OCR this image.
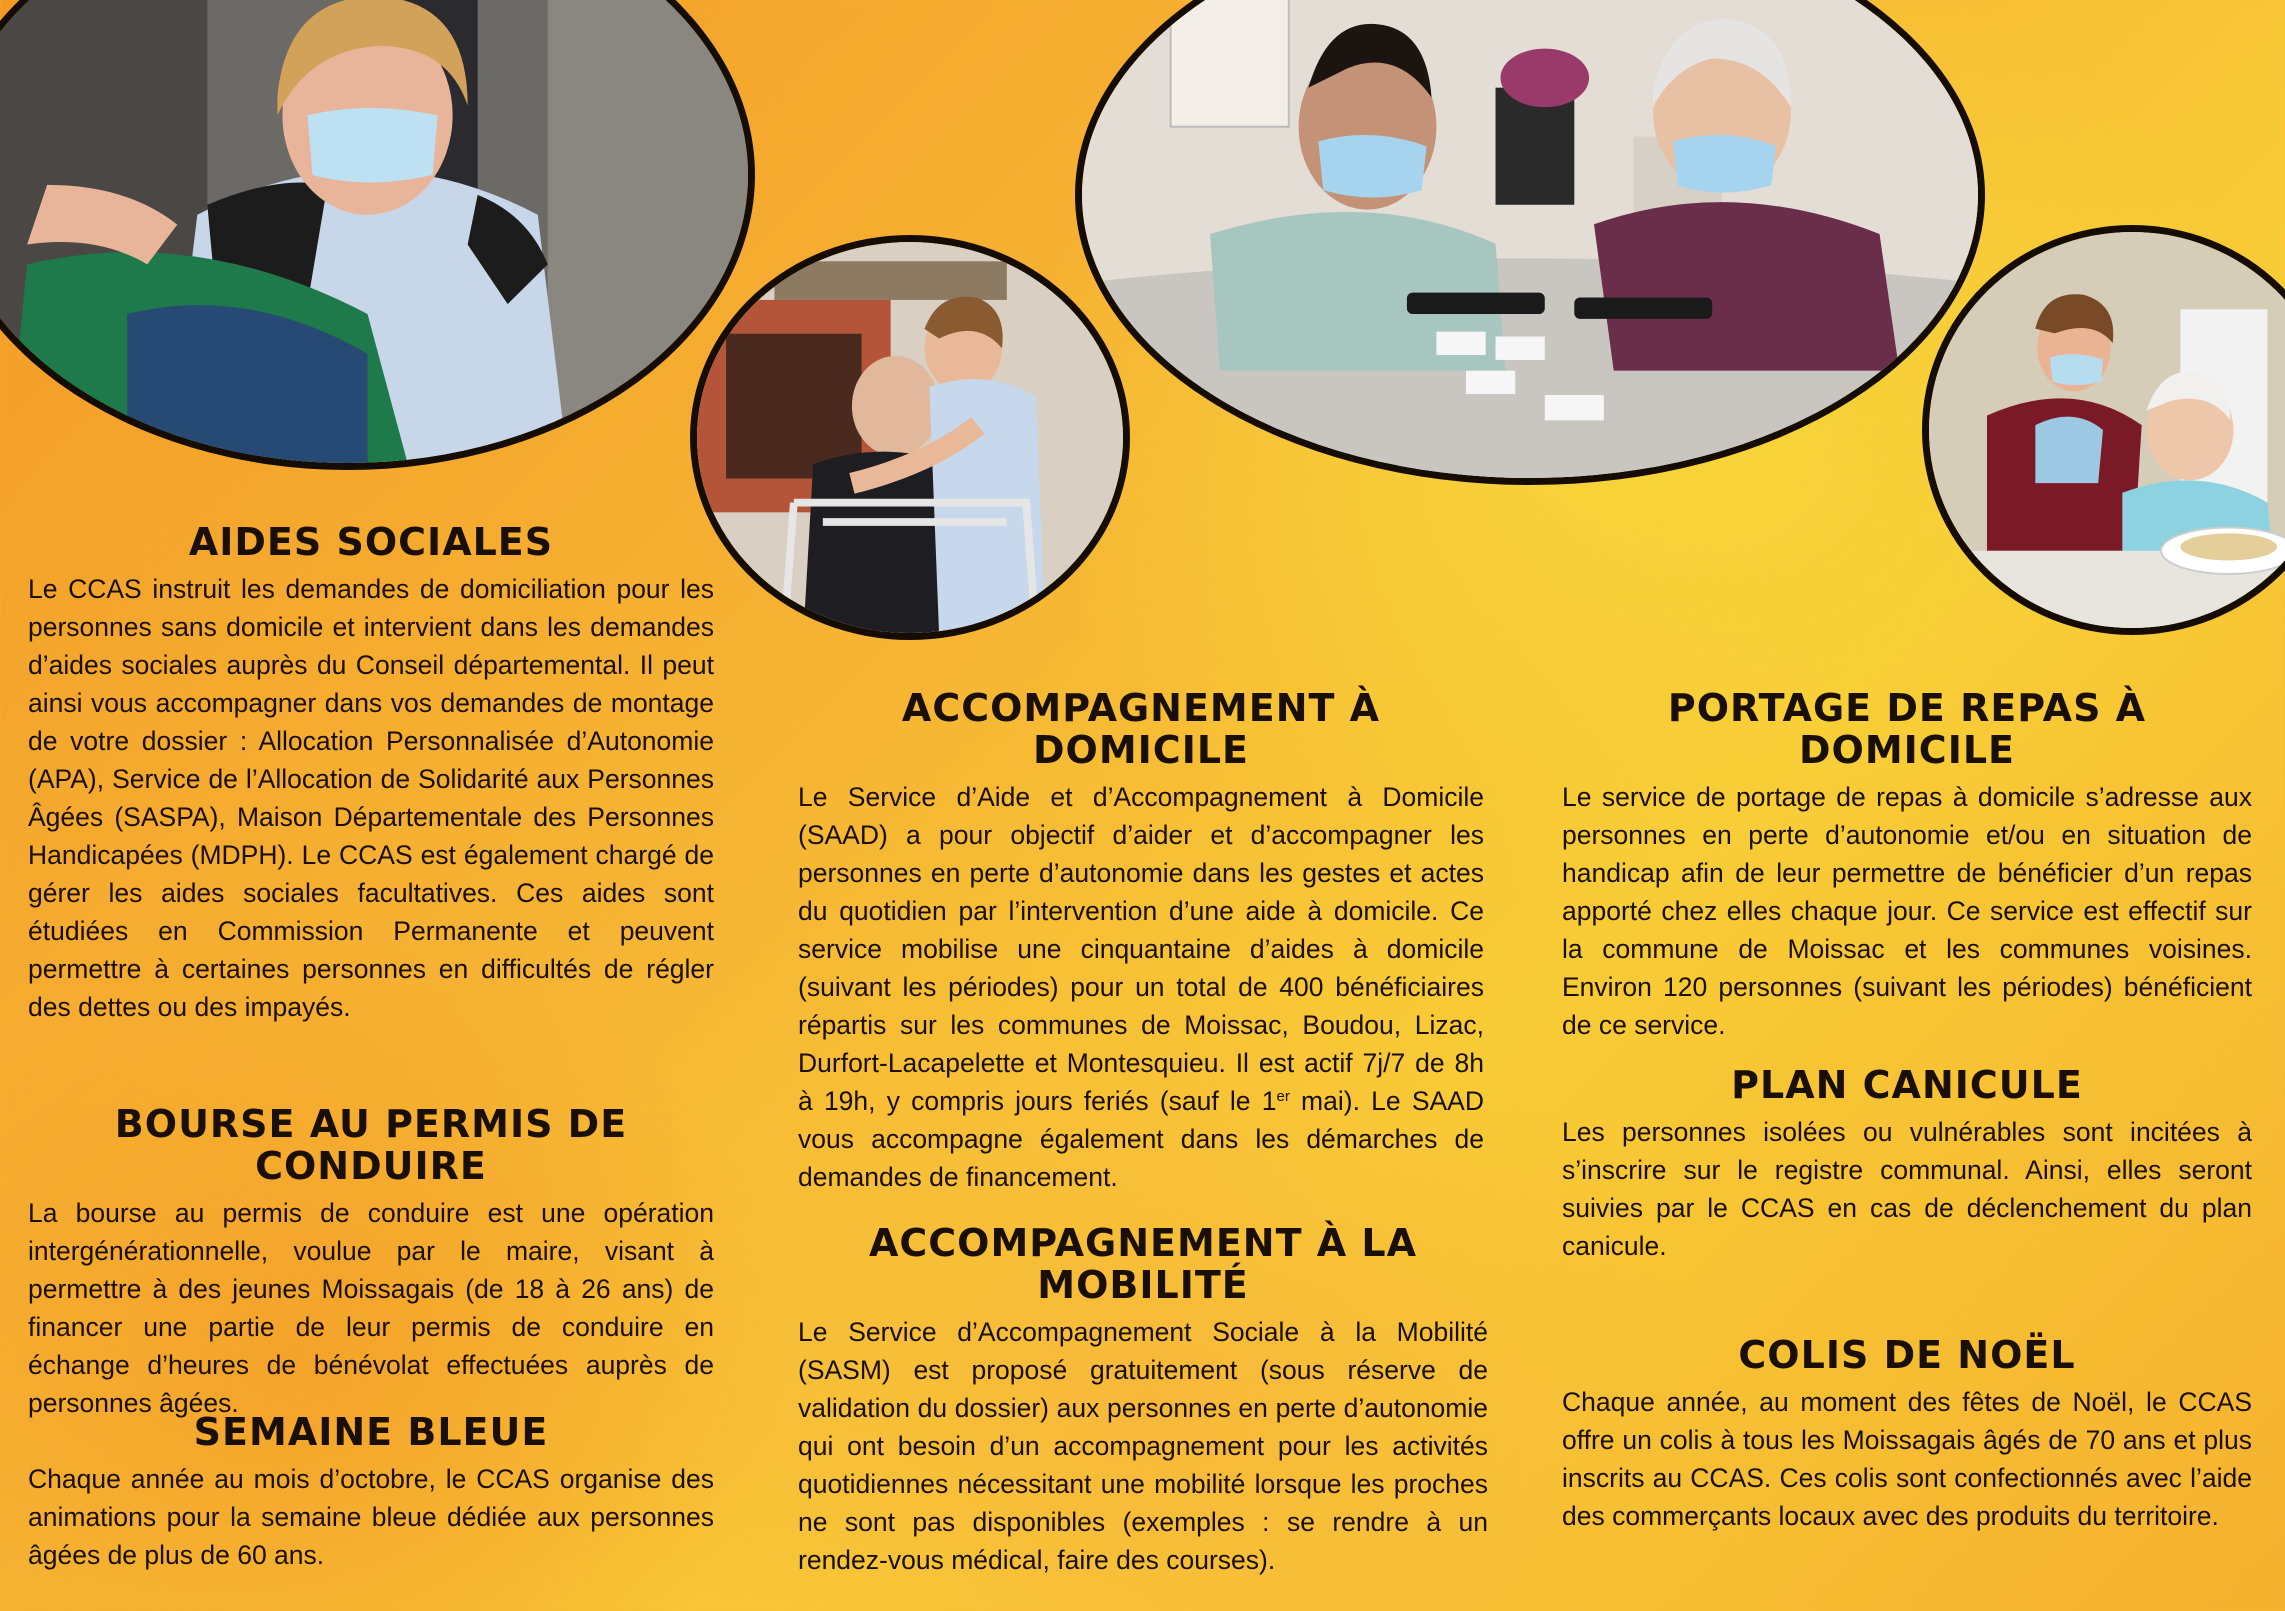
AIDES SOCIALES

Le CCAS instruit les demandes de domiciliation pour les personnes sans domicile et intervient dans les demandes d’aides sociales auprès du Conseil départemental. Il peut ainsi vous accompagner dans vos demandes de montage de votre dossier : Allocation Personnalisée d’Autonomie (APA), Service de l’Allocation de Solidarité aux Personnes Âgées (SASPA), Maison Départementale des Personnes Handicapées (MDPH). Le CCAS est également chargé de gérer les aides sociales facultatives. Ces aides sont étudiées en Commission Permanente et peuvent permettre à certaines personnes en difficultés de régler des dettes ou des impayés.

BOURSE AU PERMIS DE CONDUIRE

La bourse au permis de conduire est une opération intergénérationnelle, voulue par le maire, visant à permettre à des jeunes Moissagais (de 18 à 26 ans) de financer une partie de leur permis de conduire en échange d’heures de bénévolat effectuées auprès de personnes âgées.

SEMAINE BLEUE

Chaque année au mois d’octobre, le CCAS organise des animations pour la semaine bleue dédiée aux personnes âgées de plus de 60 ans.

ACCOMPAGNEMENT À DOMICILE

Le Service d’Aide et d’Accompagnement à Domicile (SAAD) a pour objectif d’aider et d’accompagner les personnes en perte d’autonomie dans les gestes et actes du quotidien par l’intervention d’une aide à domicile. Ce service mobilise une cinquantaine d’aides à domicile (suivant les périodes) pour un total de 400 bénéficiaires répartis sur les communes de Moissac, Boudou, Lizac, Durfort-Lacapelette et Montesquieu. Il est actif 7j/7 de 8h à 19h, y compris jours feriés (sauf le 1er mai). Le SAAD vous accompagne également dans les démarches de demandes de financement.

ACCOMPAGNEMENT À LA MOBILITÉ

Le Service d’Accompagnement Sociale à la Mobilité (SASM) est proposé gratuitement (sous réserve de validation du dossier) aux personnes en perte d’autonomie qui ont besoin d’un accompagnement pour les activités quotidiennes nécessitant une mobilité lorsque les proches ne sont pas disponibles (exemples : se rendre à un rendez-vous médical, faire des courses).

PORTAGE DE REPAS À DOMICILE

Le service de portage de repas à domicile s’adresse aux personnes en perte d’autonomie et/ou en situation de handicap afin de leur permettre de bénéficier d’un repas apporté chez elles chaque jour. Ce service est effectif sur la commune de Moissac et les communes voisines. Environ 120 personnes (suivant les périodes) bénéficient de ce service.

PLAN CANICULE

Les personnes isolées ou vulnérables sont incitées à s’inscrire sur le registre communal. Ainsi, elles seront suivies par le CCAS en cas de déclenchement du plan canicule.

COLIS DE NOËL

Chaque année, au moment des fêtes de Noël, le CCAS offre un colis à tous les Moissagais âgés de 70 ans et plus inscrits au CCAS. Ces colis sont confectionnés avec l’aide des commerçants locaux avec des produits du territoire.
